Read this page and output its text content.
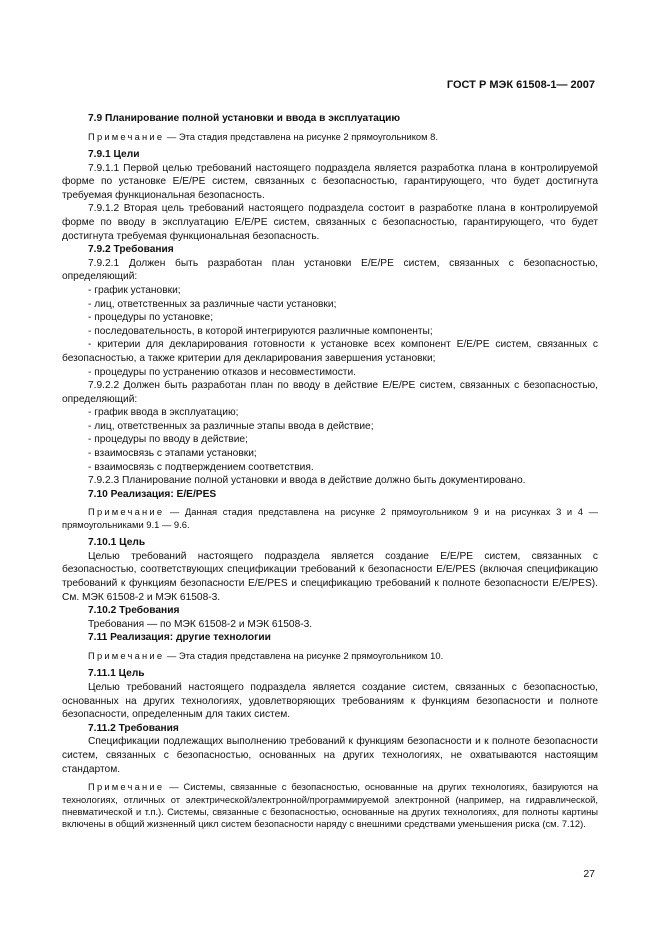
ГОСТ Р МЭК 61508-1— 2007

7.9 Планирование полной установки и ввода в эксплуатацию

Примечание — Эта стадия представлена на рисунке 2 прямоугольником 8.

7.9.1 Цели

7.9.1.1 Первой целью требований настоящего подраздела является разработка плана в контролируемой форме по установке E/E/PE систем, связанных с безопасностью, гарантирующего, что будет достигнута требуемая функциональная безопасность.

7.9.1.2 Вторая цель требований настоящего подраздела состоит в разработке плана в контролируемой форме по вводу в эксплуатацию E/E/PE систем, связанных с безопасностью, гарантирующего, что будет достигнута требуемая функциональная безопасность.

7.9.2 Требования

7.9.2.1 Должен быть разработан план установки E/E/PE систем, связанных с безопасностью, определяющий:

- график установки;

- лиц, ответственных за различные части установки;

- процедуры по установке;

- последовательность, в которой интегрируются различные компоненты;

- критерии для декларирования готовности к установке всех компонент E/E/PE систем, связанных с безопасностью, а также критерии для декларирования завершения установки;

- процедуры по устранению отказов и несовместимости.

7.9.2.2 Должен быть разработан план по вводу в действие E/E/PE систем, связанных с безопасностью, определяющий:

- график ввода в эксплуатацию;

- лиц, ответственных за различные этапы ввода в действие;

- процедуры по вводу в действие;

- взаимосвязь с этапами установки;

- взаимосвязь с подтверждением соответствия.

7.9.2.3 Планирование полной установки и ввода в действие должно быть документировано.

7.10 Реализация: E/E/PES

Примечание — Данная стадия представлена на рисунке 2 прямоугольником 9 и на рисунках 3 и 4 — прямоугольниками 9.1 — 9.6.

7.10.1 Цель

Целью требований настоящего подраздела является создание E/E/PE систем, связанных с безопасностью, соответствующих спецификации требований к безопасности E/E/PES (включая спецификацию требований к функциям безопасности E/E/PES и спецификацию требований к полноте безопасности E/E/PES). См. МЭК 61508-2 и МЭК 61508-3.

7.10.2 Требования

Требования — по МЭК 61508-2 и МЭК 61508-3.

7.11 Реализация: другие технологии

Примечание — Эта стадия представлена на рисунке 2 прямоугольником 10.

7.11.1 Цель

Целью требований настоящего подраздела является создание систем, связанных с безопасностью, основанных на других технологиях, удовлетворяющих требованиям к функциям безопасности и полноте безопасности, определенным для таких систем.

7.11.2 Требования

Спецификации подлежащих выполнению требований к функциям безопасности и к полноте безопасности систем, связанных с безопасностью, основанных на других технологиях, не охватываются настоящим стандартом.

Примечание — Системы, связанные с безопасностью, основанные на других технологиях, базируются на технологиях, отличных от электрической/электронной/программируемой электронной (например, на гидравлической, пневматической и т.п.). Системы, связанные с безопасностью, основанные на других технологиях, для полноты картины включены в общий жизненный цикл систем безопасности наряду с внешними средствами уменьшения риска (см. 7.12).

27
